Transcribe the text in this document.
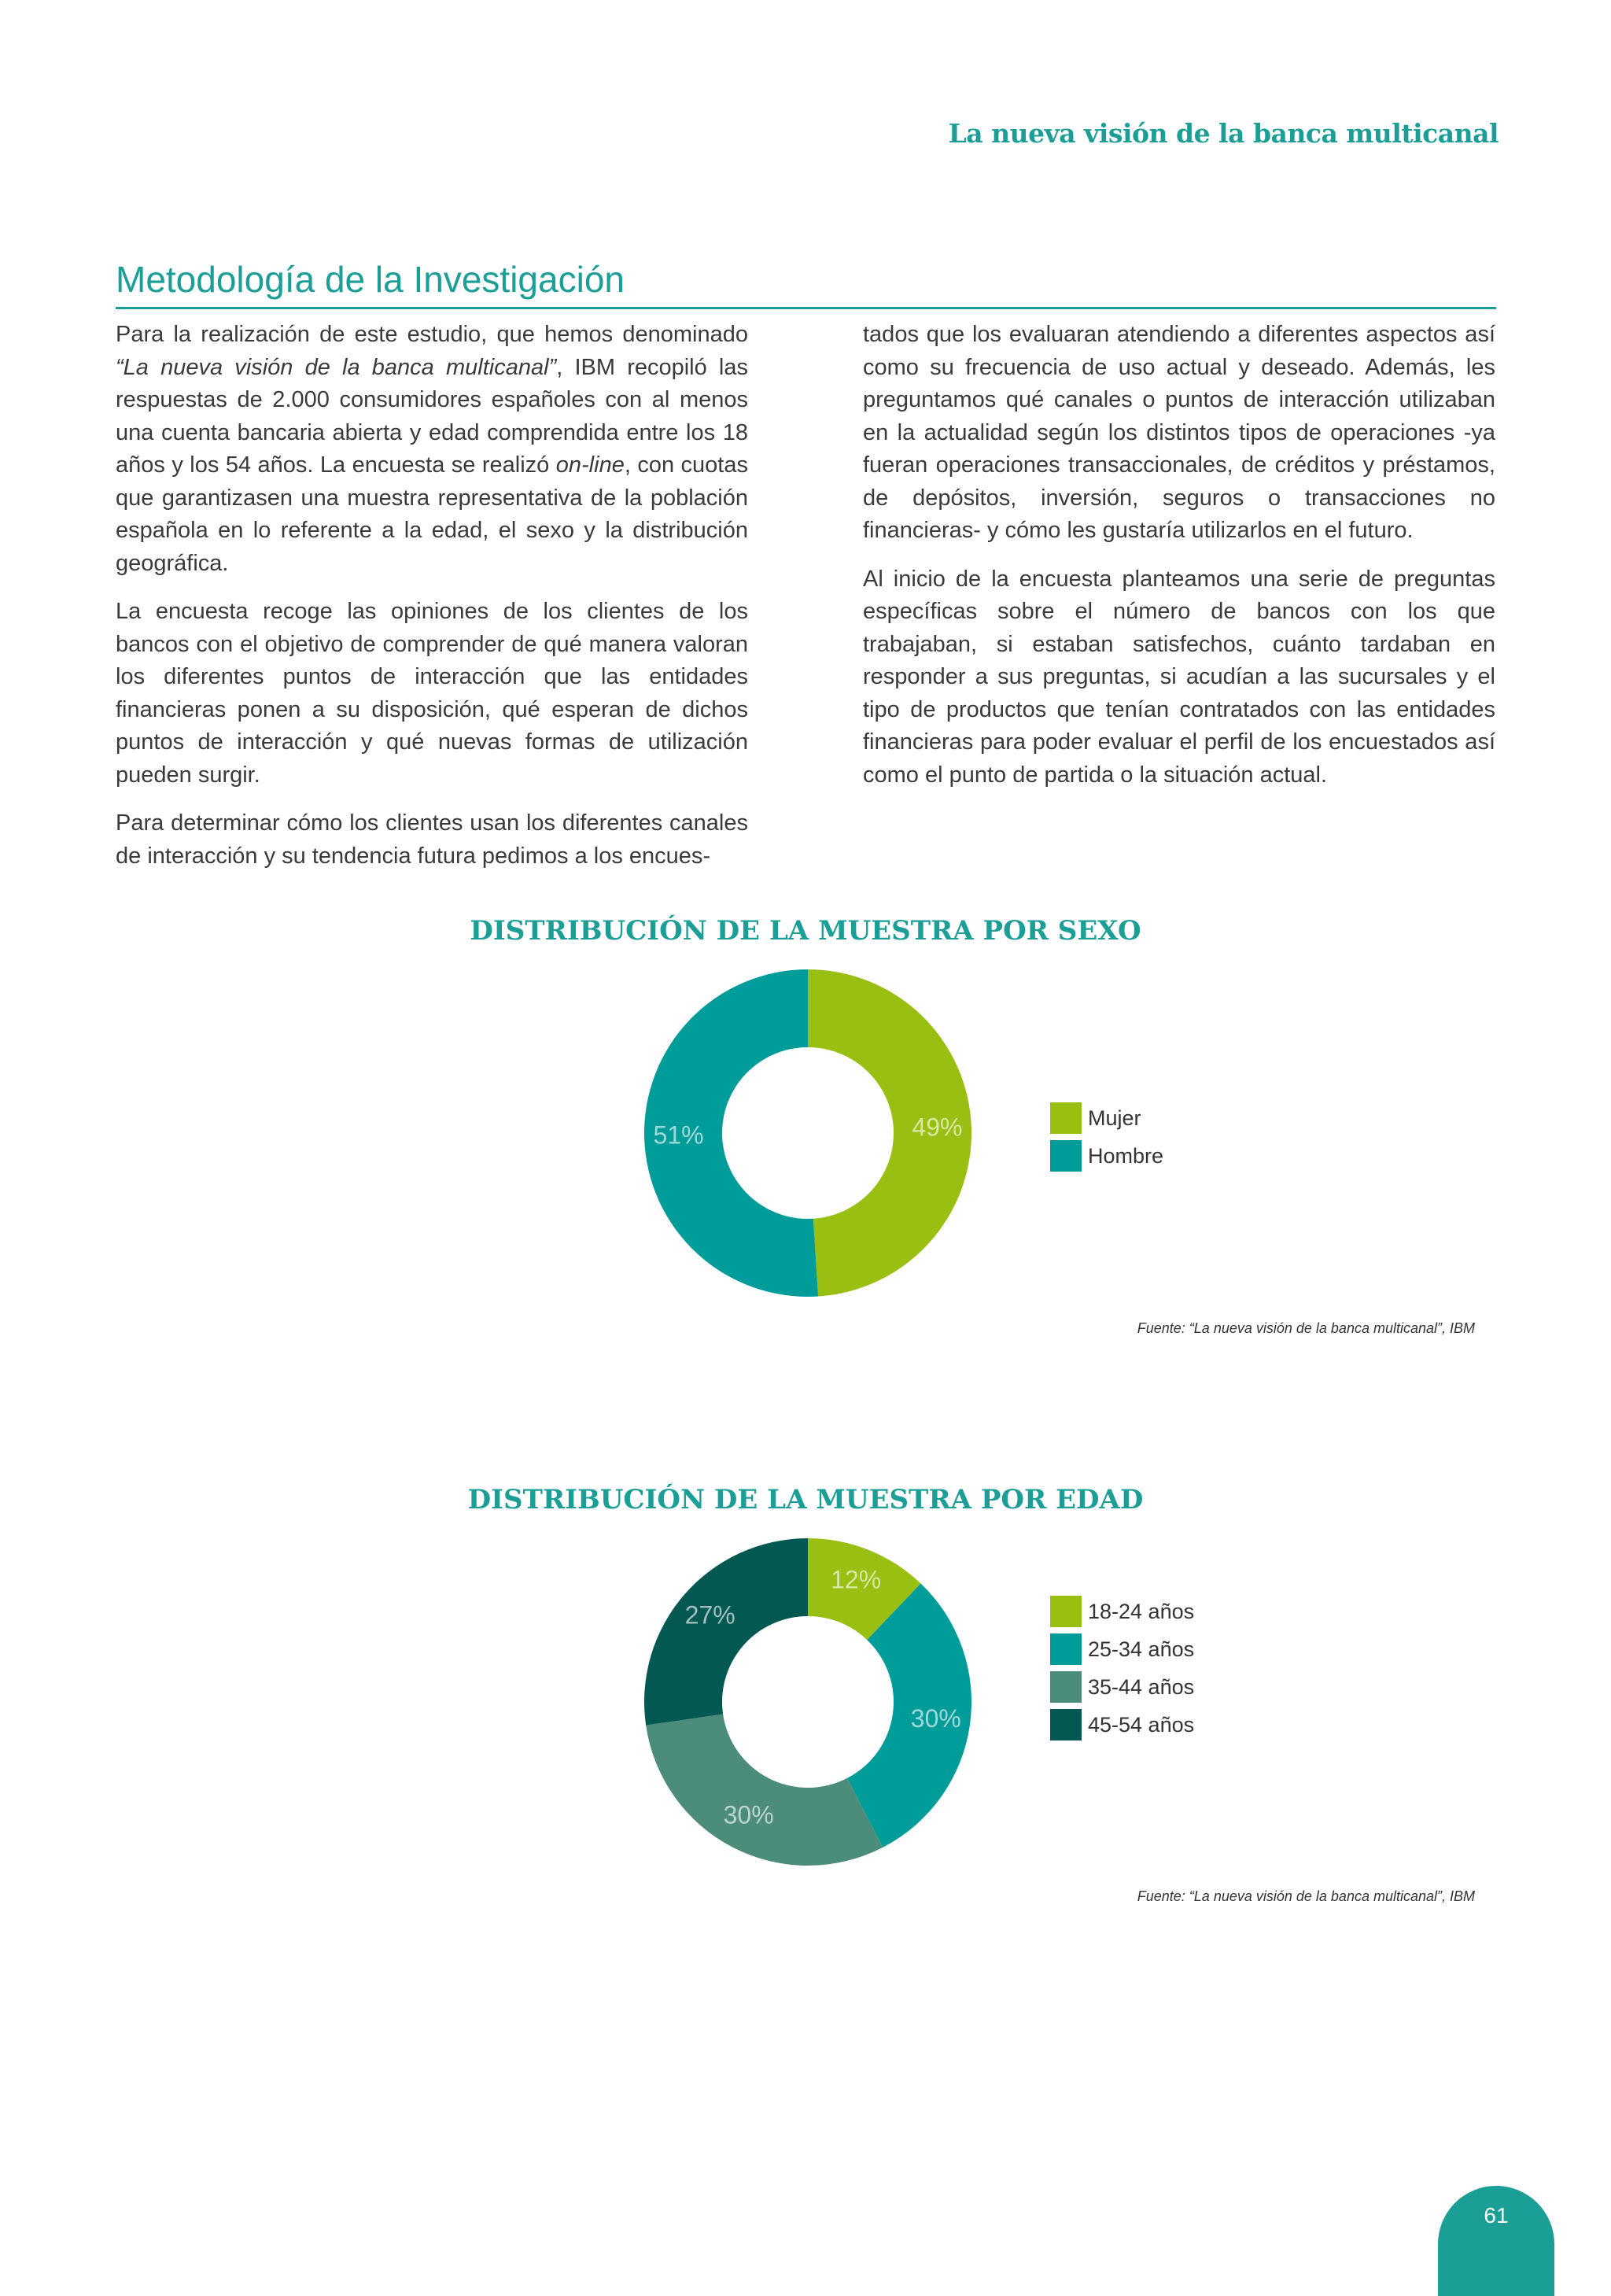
La nueva visión de la banca multicanal
Metodología de la Investigación

Para la realización de este estudio, que hemos denominado “La nueva visión de la banca multicanal”, IBM recopiló las respuestas de 2.000 consumidores españoles con al menos una cuenta bancaria abierta y edad comprendida entre los 18 años y los 54 años. La encuesta se realizó on-line, con cuotas que garantizasen una muestra representativa de la población española en lo referente a la edad, el sexo y la distribución geográfica.

La encuesta recoge las opiniones de los clientes de los bancos con el objetivo de comprender de qué manera valoran los diferentes puntos de interacción que las entidades financieras ponen a su disposición, qué esperan de dichos puntos de interacción y qué nuevas formas de utilización pueden surgir.

Para determinar cómo los clientes usan los diferentes canales de interacción y su tendencia futura pedimos a los encues-

tados que los evaluaran atendiendo a diferentes aspectos así como su frecuencia de uso actual y deseado. Además, les preguntamos qué canales o puntos de interacción utilizaban en la actualidad según los distintos tipos de operaciones -ya fueran operaciones transaccionales, de créditos y préstamos, de depósitos, inversión, seguros o transacciones no financieras- y cómo les gustaría utilizarlos en el futuro.

Al inicio de la encuesta planteamos una serie de preguntas específicas sobre el número de bancos con los que trabajaban, si estaban satisfechos, cuánto tardaban en responder a sus preguntas, si acudían a las sucursales y el tipo de productos que tenían contratados con las entidades financieras para poder evaluar el perfil de los encuestados así como el punto de partida o la situación actual.

DISTRIBUCIÓN DE LA MUESTRA POR SEXO
Mujer
Hombre
Fuente: “La nueva visión de la banca multicanal”, IBM
DISTRIBUCIÓN DE LA MUESTRA POR EDAD
18-24 años
25-34 años
35-44 años
45-54 años
Fuente: “La nueva visión de la banca multicanal”, IBM
49%
51%
12%
30%
30%
27%
61
